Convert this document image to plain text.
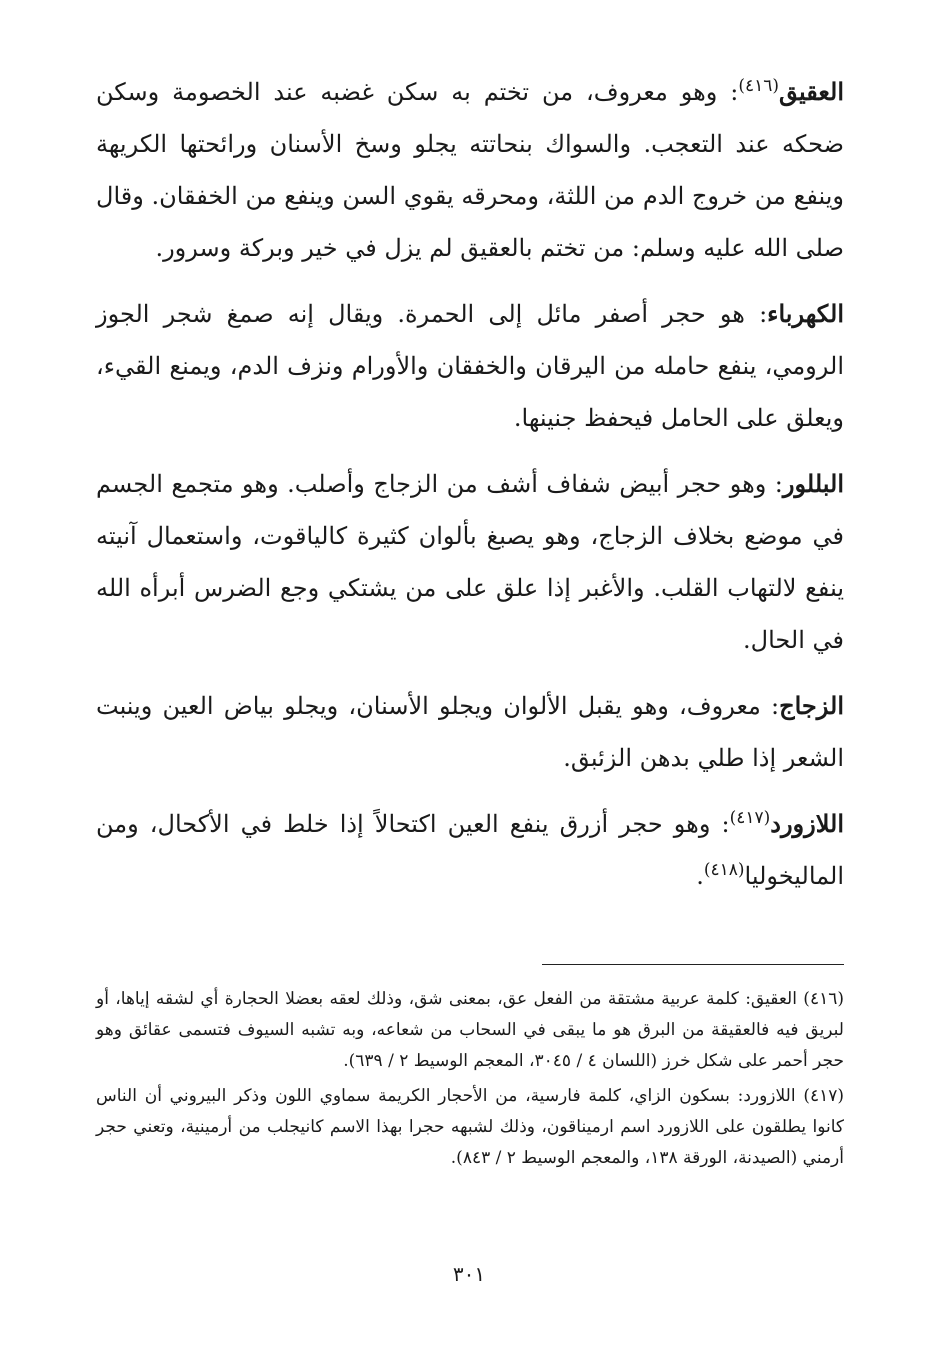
العقيق$^{(٤١٦)}$: وهو معروف، من تختم به سكن غضبه عند الخصومة وسكن ضحكه عند التعجب. والسواك بنحاتته يجلو وسخ الأسنان ورائحتها الكريهة وينفع من خروج الدم من اللثة، ومحرقه يقوي السن وينفع من الخفقان. وقال صلى الله عليه وسلم: من تختم بالعقيق لم يزل في خير وبركة وسرور.

الكهرباء: هو حجر أصفر مائل إلى الحمرة. ويقال إنه صمغ شجر الجوز الرومي، ينفع حامله من اليرقان والخفقان والأورام ونزف الدم، ويمنع القيء، ويعلق على الحامل فيحفظ جنينها.

البللور: وهو حجر أبيض شفاف أشف من الزجاج وأصلب. وهو متجمع الجسم في موضع بخلاف الزجاج، وهو يصبغ بألوان كثيرة كالياقوت، واستعمال آنيته ينفع لالتهاب القلب. والأغبر إذا علق على من يشتكي وجع الضرس أبرأه الله في الحال.

الزجاج: معروف، وهو يقبل الألوان ويجلو الأسنان، ويجلو بياض العين وينبت الشعر إذا طلي بدهن الزئبق.

اللازورد$^{(٤١٧)}$: وهو حجر أزرق ينفع العين اكتحالاً إذا خلط في الأكحال، ومن الماليخوليا$^{(٤١٨)}$.

(٤١٦) العقيق: كلمة عربية مشتقة من الفعل عق، بمعنى شق، وذلك لعقه بعضلا الحجارة أي لشقه إياها، أو لبريق فيه فالعقيقة من البرق هو ما يبقى في السحاب من شعاعه، وبه تشبه السيوف فتسمى عقائق وهو حجر أحمر على شكل خرز (اللسان ٤ / ٣٠٤٥، المعجم الوسيط ٢ / ٦٣٩).

(٤١٧) اللازورد: بسكون الزاي، كلمة فارسية، من الأحجار الكريمة سماوي اللون وذكر البيروني أن الناس كانوا يطلقون على اللازورد اسم ارميناقون، وذلك لشبهه حجرا بهذا الاسم كانيجلب من أرمينية، وتعني حجر أرمني (الصيدنة، الورقة ١٣٨، والمعجم الوسيط ٢ / ٨٤٣).

٣٠١
